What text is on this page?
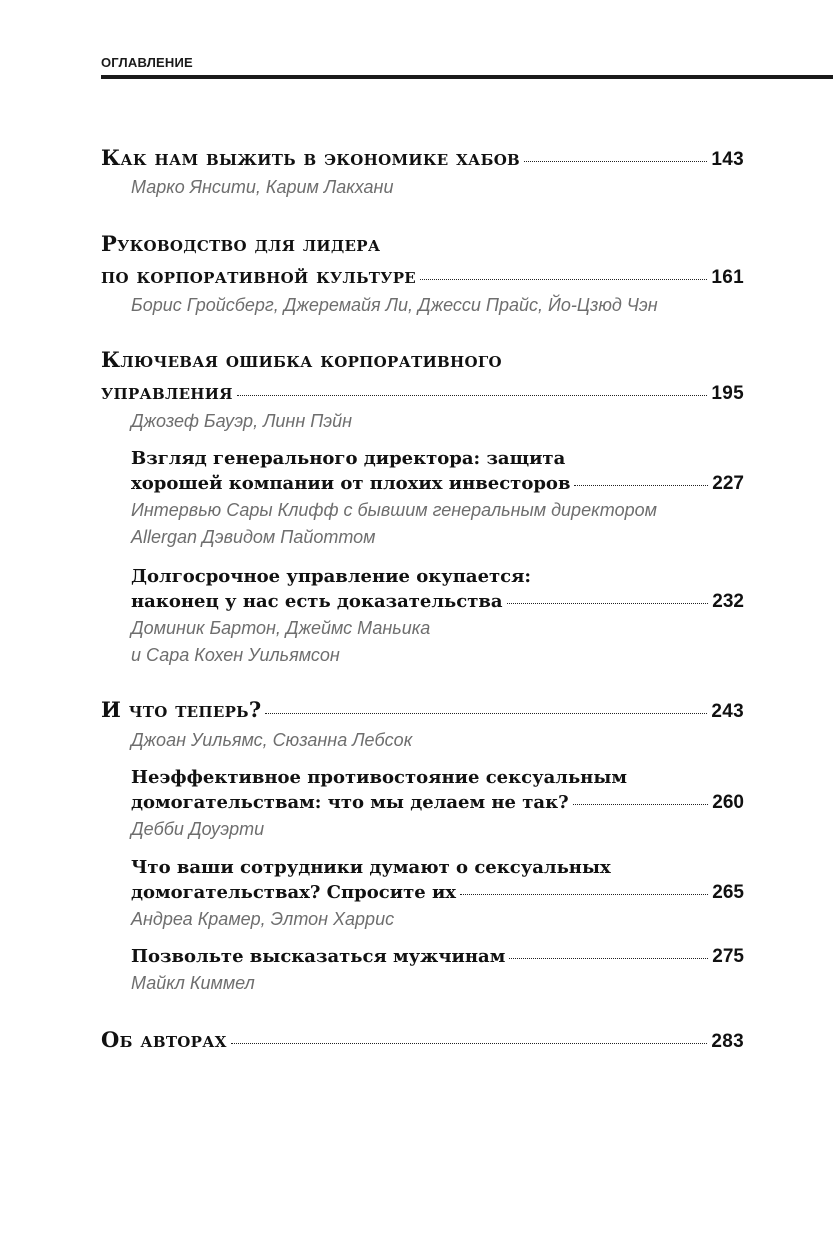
ОГЛАВЛЕНИЕ
Как нам выжить в экономике хабов	143
Марко Янсити, Карим Лакхани
Руководство для лидера
по корпоративной культуре	161
Борис Гройсберг, Джеремайя Ли, Джесси Прайс, Йо-Цзюд Чэн
Ключевая ошибка корпоративного
управления	195
Джозеф Бауэр, Линн Пэйн
Взгляд генерального директора: защита
хорошей компании от плохих инвесторов	227
Интервью Сары Клифф с бывшим генеральным директором
Allergan Дэвидом Пайоттом
Долгосрочное управление окупается:
наконец у нас есть доказательства	232
Доминик Бартон, Джеймс Маньика
и Сара Кохен Уильямсон
И что теперь?	243
Джоан Уильямс, Сюзанна Лебсок
Неэффективное противостояние сексуальным
домогательствам: что мы делаем не так?	260
Дебби Доуэрти
Что ваши сотрудники думают о сексуальных
домогательствах? Спросите их	265
Андреа Крамер, Элтон Харрис
Позвольте высказаться мужчинам	275
Майкл Киммел
Об авторах	283
